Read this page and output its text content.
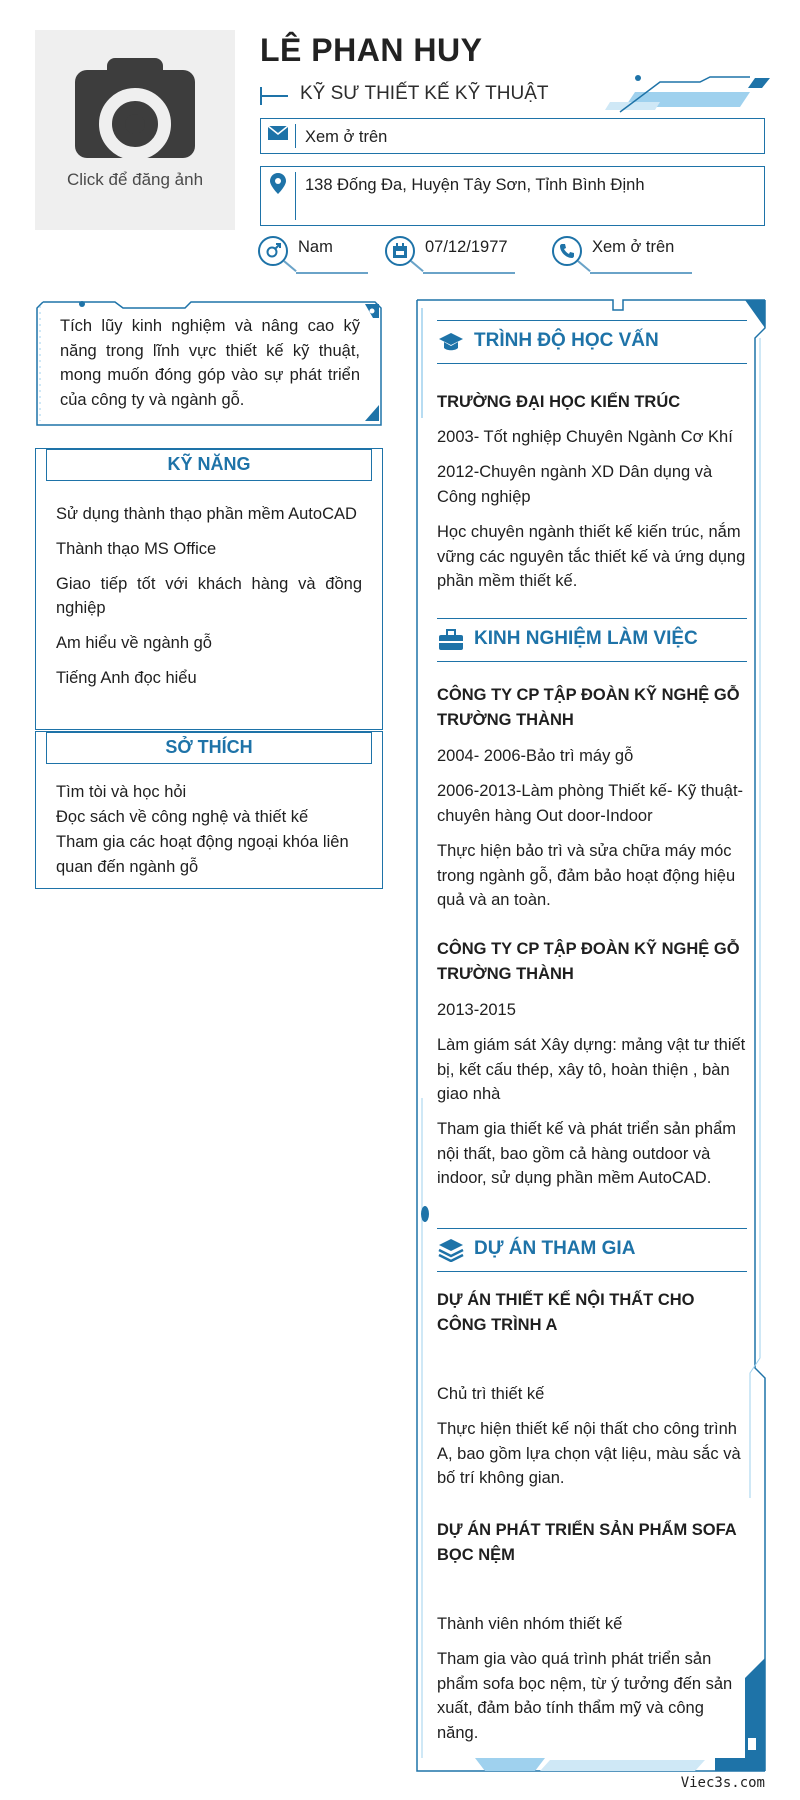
Click để đăng ảnh
LÊ PHAN HUY
KỸ SƯ THIẾT KẾ KỸ THUẬT
Xem ở trên
138 Đống Đa, Huyện Tây Sơn, Tỉnh Bình Định
Nam	07/12/1977	Xem ở trên
Tích lũy kinh nghiệm và nâng cao kỹ năng trong lĩnh vực thiết kế kỹ thuật, mong muốn đóng góp vào sự phát triển của công ty và ngành gỗ.
KỸ NĂNG
Sử dụng thành thạo phần mềm AutoCAD
Thành thạo MS Office
Giao tiếp tốt với khách hàng và đồng nghiệp
Am hiểu về ngành gỗ
Tiếng Anh đọc hiểu
SỞ THÍCH
Tìm tòi và học hỏi
Đọc sách về công nghệ và thiết kế
Tham gia các hoạt động ngoại khóa liên quan đến ngành gỗ
TRÌNH ĐỘ HỌC VẤN
TRƯỜNG ĐẠI HỌC KIẾN TRÚC
2003- Tốt nghiệp Chuyên Ngành Cơ Khí
2012-Chuyên ngành XD Dân dụng và Công nghiệp
Học chuyên ngành thiết kế kiến trúc, nắm vững các nguyên tắc thiết kế và ứng dụng phần mềm thiết kế.
KINH NGHIỆM LÀM VIỆC
CÔNG TY CP TẬP ĐOÀN KỸ NGHỆ GỖ TRƯỜNG THÀNH
2004- 2006-Bảo trì máy gỗ
2006-2013-Làm phòng Thiết kế- Kỹ thuật- chuyên hàng Out door-Indoor
Thực hiện bảo trì và sửa chữa máy móc trong ngành gỗ, đảm bảo hoạt động hiệu quả và an toàn.
CÔNG TY CP TẬP ĐOÀN KỸ NGHỆ GỖ TRƯỜNG THÀNH
2013-2015
Làm giám sát Xây dựng: mảng vật tư thiết bị, kết cấu thép, xây tô, hoàn thiện , bàn giao nhà
Tham gia thiết kế và phát triển sản phẩm nội thất, bao gồm cả hàng outdoor và indoor, sử dụng phần mềm AutoCAD.
DỰ ÁN THAM GIA
DỰ ÁN THIẾT KẾ NỘI THẤT CHO CÔNG TRÌNH A
Chủ trì thiết kế
Thực hiện thiết kế nội thất cho công trình A, bao gồm lựa chọn vật liệu, màu sắc và bố trí không gian.
DỰ ÁN PHÁT TRIỂN SẢN PHẨM SOFA BỌC NỆM
Thành viên nhóm thiết kế
Tham gia vào quá trình phát triển sản phẩm sofa bọc nệm, từ ý tưởng đến sản xuất, đảm bảo tính thẩm mỹ và công năng.
Viec3s.com
